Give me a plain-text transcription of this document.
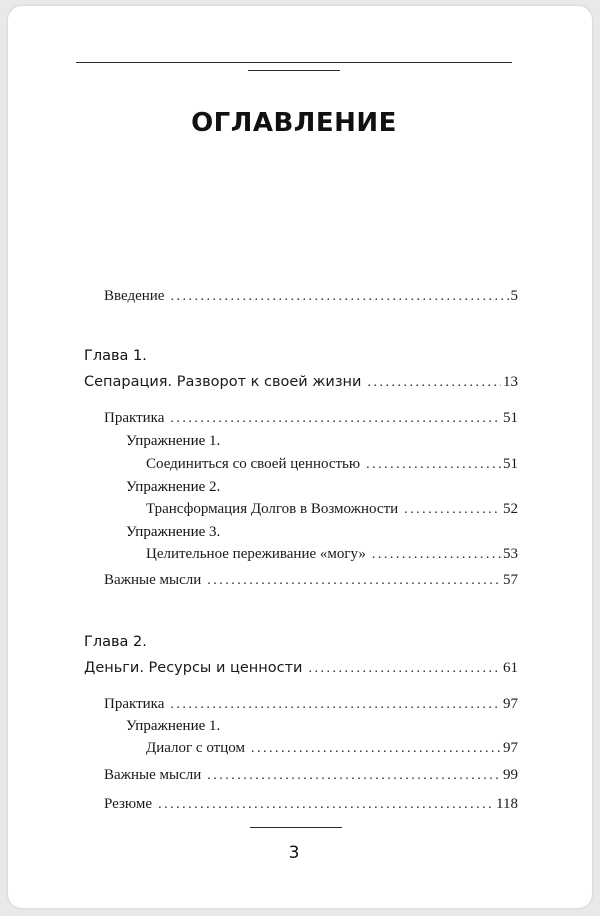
ОГЛАВЛЕНИЕ
Введение .....	5
Глава 1.
Сепарация. Разворот к своей жизни .....	13
Практика .....	51
Упражнение 1.
Соединиться со своей ценностью .....	51
Упражнение 2.
Трансформация Долгов в Возможности .....	52
Упражнение 3.
Целительное переживание «могу» .....	53
Важные мысли .....	57
Глава 2.
Деньги. Ресурсы и ценности .....	61
Практика .....	97
Упражнение 1.
Диалог с отцом .....	97
Важные мысли .....	99
Резюме .....	118
3
